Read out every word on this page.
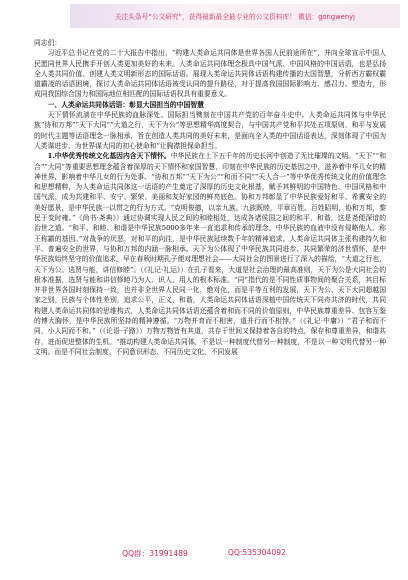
关注头条号“公文研究”，获得最新最全最专业的公文资料库！ 微信：gongwenyj

同志们：

习近平总书记在党的二十大报告中指出，“构建人类命运共同体是世界各国人民前途所在”，并向全球宣示中国人民愿同世界人民携手开创人类更加美好的未来。人类命运共同体理念极具中国气派、中国风格的中国话语，也是弘扬全人类共同价值、创建人类文明新形态的国际话语。展现人类命运共同体话语构建传播的大国智慧，分析西方霸权霸道霸凌的话语困境，探讨人类命运共同体话语被受认同的提升路径，对于提高我国国际影响力、感召力、塑造力，形成同我国综合国力和国际地位相匹配的国际话语权具有重要意义。

一、人类命运共同体话语：彰显大国担当的中国智慧

天下情怀流淌在中华民族的血脉深处。国际担当镌刻在中国共产党的百年奋斗史中。人类命运共同体与中华民族“协和万邦”“天下大同”“大道之行，天下为公”等思想精华高度契合，与中国共产党和平共处五项原则、和平与发展的时代主题等话语理念一脉相承，旨在创造人类共同的美好未来，是面向全人类的中国话语表达，深刻体现了中国为人类谋进步、为世界谋大同的初心使命和“让胸襟担保命担当。

1.中华优秀传统文化基因内含天下情怀。中华民族在上下五千年的历史长河中创造了无比璀璨的文明。“天下”“和合”“大同”等重要思想理念蕴含着深厚的天下情怀和家国智慧，印刻在中华民族的历史基因之中，滋养着中华儿女的精神世界，影响着中华儿女的行为处事。“协和万邦”“天下为公”“和而不同”“天人合一”等中华优秀传统文化的价值理念和思想精粹，为人类命运共同体这一话语的产生奠定了深厚的历史文化根基，赋予其鲜明的中国特色、中国风格和中国气派，成为共建和平、安宁、繁荣、美丽和友好家园的鲜亮底色。协和万邦彰显了中华民族爱好和平、希冀安全的美好愿景，是中华民族一以贯之的行为方式。“克明俊德，以亲九族。九族既睦，平章百姓。百姓昭明，协和万邦，黎民于变时雍。”《尚书·尧典》）通过协调实现人民之间的和睦相处，达成各诸侯国之间的和平、和谐，这是尧便深谙的治世之道。“和平、和睦、和谐是中华民族5000多年来一直追求和传承的理念，中华民族的血液中没有侵略他人、称王称霸的基因。”对战争的厌恶，对和平的向往，是中华民族延续数千年的精神追求。人类命运共同体主张构建持久和平、普遍安全的世界，与协和万邦的内涵一脉相承。天下为公体现了中华民族共同进步、共同繁荣的济世情怀，是中华民族始终坚守的价值追求。早在春秋时期孔子便对理想社会——大同社会的图景进行了深入的描绘，“大道之行也，天下为公。选贤与能，讲信修睦”。（《礼记·礼运》）在孔子看来，大道是社会治理的最高准则，天下为公是大同社会的根本准据，选贤与能和讲信修睦乃为人、识人、用人的根本标准。“同”指代的是不同性质事物间的聚合关系，其目标并非世界各国时刻保持一致，也并非全世界人民同一化，绝对化，而是平等互利的发展，天下为公、天下大同超越国家之别，民族与个体性差别，追求公平，正义，和谐，人类命运共同体话语深植中国传统天下同舟共济的时代，共同构建人类命运共同体的思维构式，人类命运共同体话语还蕴含着和而不同的价值原则，中华民族尊重差异、包容互鉴的博大胸怀，是中华民族所坚持的精神遵循。“万物并育而不相害，道并行而不相悖。”（《礼记·中庸》）“君子和而不同，小人同而不和。”（《论语·子路》）万物万物皆有其道，共存于世间又保持着各自的特点，保存和尊重差异，和谐共存，进而促进整体的生机。“推动构建人类命运共同体，不是以一种制度代替另一种制度，不是以一种文明代替另一种文明。而是不同社会制度、不同意识形态、不同历史文化、不同发展

QQ群：31991489	QQ:535304092
